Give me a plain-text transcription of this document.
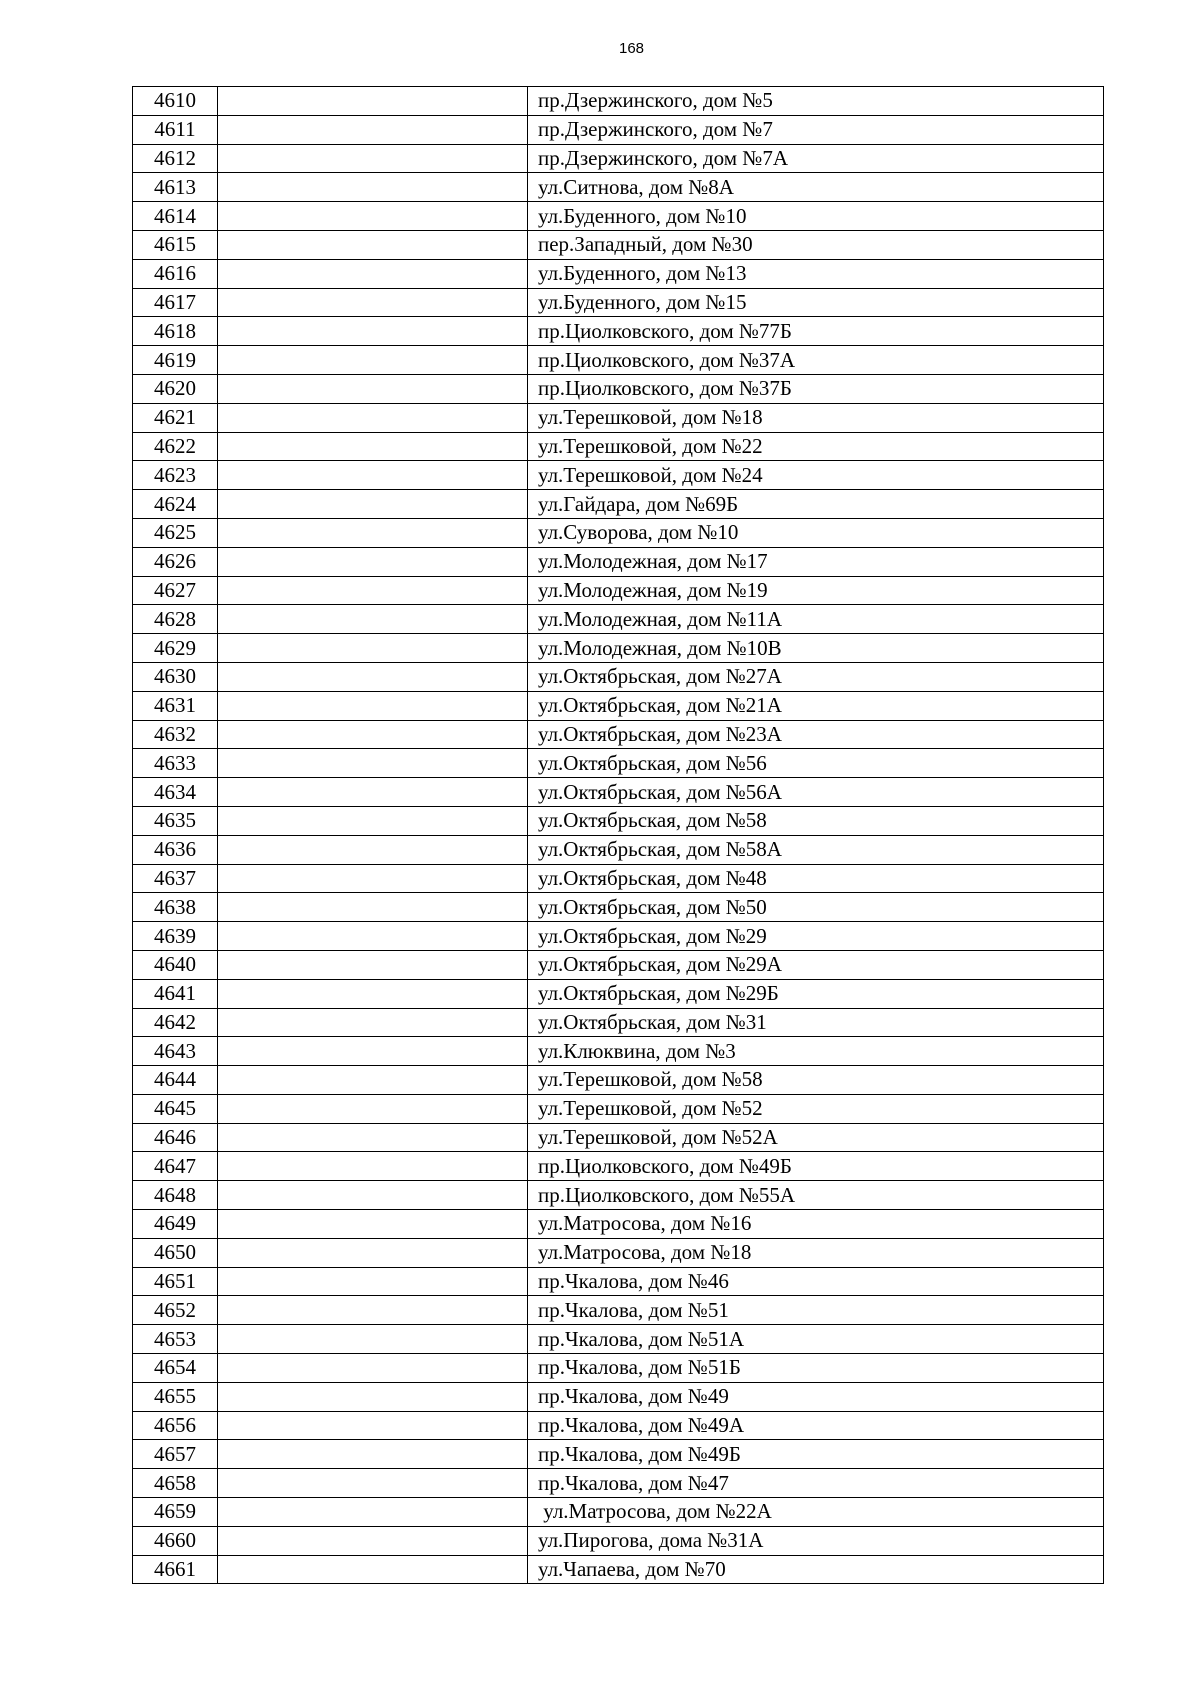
168
4610		пр.Дзержинского, дом №5
4611		пр.Дзержинского, дом №7
4612		пр.Дзержинского, дом №7А
4613		ул.Ситнова, дом №8А
4614		ул.Буденного, дом №10
4615		пер.Западный, дом №30
4616		ул.Буденного, дом №13
4617		ул.Буденного, дом №15
4618		пр.Циолковского, дом №77Б
4619		пр.Циолковского, дом №37А
4620		пр.Циолковского, дом №37Б
4621		ул.Терешковой, дом №18
4622		ул.Терешковой, дом №22
4623		ул.Терешковой, дом №24
4624		ул.Гайдара, дом №69Б
4625		ул.Суворова, дом №10
4626		ул.Молодежная, дом №17
4627		ул.Молодежная, дом №19
4628		ул.Молодежная, дом №11А
4629		ул.Молодежная, дом №10В
4630		ул.Октябрьская, дом №27А
4631		ул.Октябрьская, дом №21А
4632		ул.Октябрьская, дом №23А
4633		ул.Октябрьская, дом №56
4634		ул.Октябрьская, дом №56А
4635		ул.Октябрьская, дом №58
4636		ул.Октябрьская, дом №58А
4637		ул.Октябрьская, дом №48
4638		ул.Октябрьская, дом №50
4639		ул.Октябрьская, дом №29
4640		ул.Октябрьская, дом №29А
4641		ул.Октябрьская, дом №29Б
4642		ул.Октябрьская, дом №31
4643		ул.Клюквина, дом №3
4644		ул.Терешковой, дом №58
4645		ул.Терешковой, дом №52
4646		ул.Терешковой, дом №52А
4647		пр.Циолковского, дом №49Б
4648		пр.Циолковского, дом №55А
4649		ул.Матросова, дом №16
4650		ул.Матросова, дом №18
4651		пр.Чкалова, дом №46
4652		пр.Чкалова, дом №51
4653		пр.Чкалова, дом №51А
4654		пр.Чкалова, дом №51Б
4655		пр.Чкалова, дом №49
4656		пр.Чкалова, дом №49А
4657		пр.Чкалова, дом №49Б
4658		пр.Чкалова, дом №47
4659		ул.Матросова, дом №22А
4660		ул.Пирогова, дома №31А
4661		ул.Чапаева, дом №70
